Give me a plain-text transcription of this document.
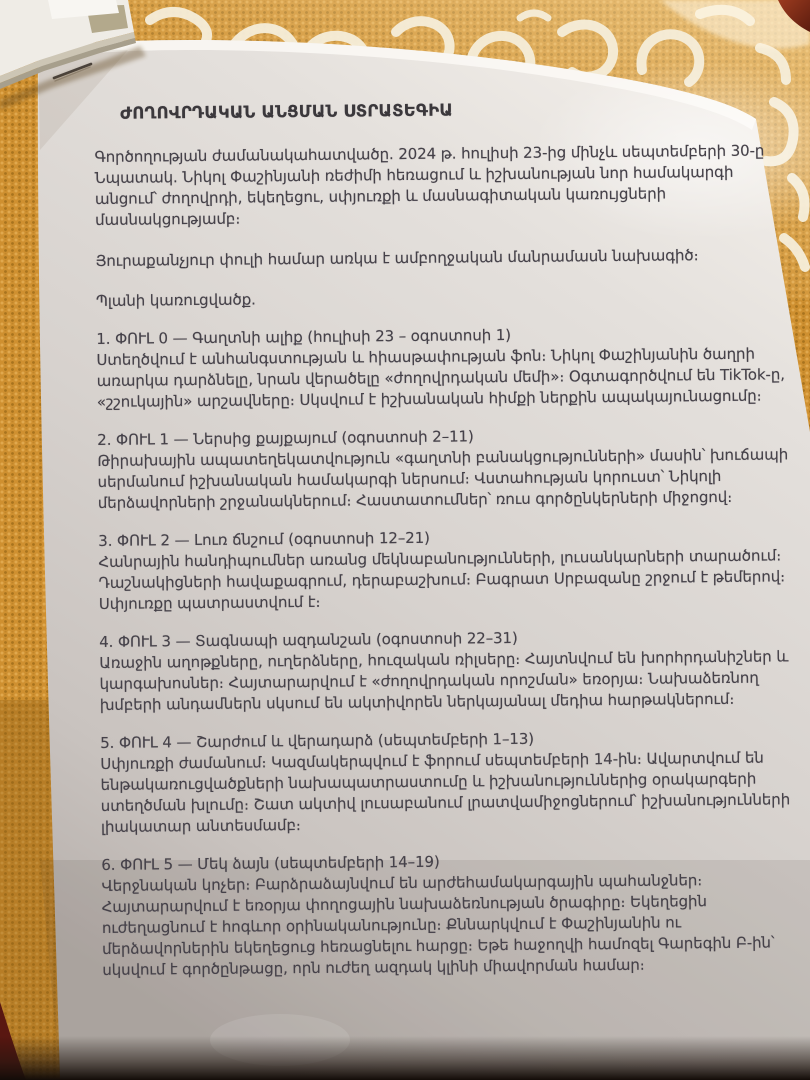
ԺՈՂՈՎՐԴԱԿԱՆ ԱՆՑՄԱՆ ՍՏՐԱՏԵԳԻԱ
Գործողության ժամանակահատվածը. 2024 թ. հուլիսի 23-ից մինչև սեպտեմբերի 30-ը
Նպատակ. Նիկոլ Փաշինյանի ռեժիմի հեռացում և իշխանության նոր համակարգի անցում՝ ժողովրդի, եկեղեցու, սփյուռքի և մասնագիտական կառույցների մասնակցությամբ։
Յուրաքանչյուր փուլի համար առկա է ամբողջական մանրամասն նախագիծ։
Պլանի կառուցվածք.
1. ՓՈՒԼ 0 — Գաղտնի ալիք (հուլիսի 23 – օգոստոսի 1)
Ստեղծվում է անհանգստության և հիասթափության ֆոն։ Նիկոլ Փաշինյանին ծաղրի առարկա դարձնելը, նրան վերածելը «ժողովրդական մեմի»։ Օգտագործվում են TikTok-ը, «շշուկային» արշավները։ Սկսվում է իշխանական հիմքի ներքին ապակայունացումը։
2. ՓՈՒԼ 1 — Ներսից քայքայում (օգոստոսի 2–11)
Թիրախային ապատեղեկատվություն «գաղտնի բանակցությունների» մասին՝ խուճապի սերմանում իշխանական համակարգի ներսում։ Վստահության կորուստ՝ Նիկոլի մերձավորների շրջանակներում։ Հաստատումներ՝ ռուս գործընկերների միջոցով։
3. ՓՈՒԼ 2 — Լուռ ճնշում (օգոստոսի 12–21)
Հանրային հանդիպումներ առանց մեկնաբանությունների, լուսանկարների տարածում։ Դաշնակիցների հավաքագրում, դերաբաշխում։ Բագրատ Սրբազանը շրջում է թեմերով։ Սփյուռքը պատրաստվում է։
4. ՓՈՒԼ 3 — Տագնապի ազդանշան (օգոստոսի 22–31)
Առաջին աղոթքները, ուղերձները, հուզական ռիլսերը։ Հայտնվում են խորհրդանիշներ և կարգախոսներ։ Հայտարարվում է «ժողովրդական որոշման» եռօրյա։ Նախաձեռնող խմբերի անդամներն սկսում են ակտիվորեն ներկայանալ մեդիա հարթակներում։
5. ՓՈՒԼ 4 — Շարժում և վերադարձ (սեպտեմբերի 1–13)
Սփյուռքի ժամանում։ Կազմակերպվում է ֆորում սեպտեմբերի 14-ին։ Ավարտվում են ենթակառուցվածքների նախապատրաստումը և իշխանություններից օրակարգերի ստեղծման խլումը։ Շատ ակտիվ լուսաբանում լրատվամիջոցներում՝ իշխանությունների լիակատար անտեսմամբ։
6. ՓՈՒԼ 5 — Մեկ ձայն (սեպտեմբերի 14–19)
Վերջնական կոչեր։ Բարձրաձայնվում են արժեհամակարգային պահանջներ։ Հայտարարվում է եռօրյա փողոցային նախաձեռնության ծրագիրը։ Եկեղեցին ուժեղացնում է հոգևոր օրինականությունը։ Քննարկվում է Փաշինյանին ու մերձավորներին եկեղեցուց հեռացնելու հարցը։ Եթե հաջողվի համոզել Գարեգին Բ-ին՝ սկսվում է գործընթացը, որն ուժեղ ազդակ կլինի միավորման համար։
